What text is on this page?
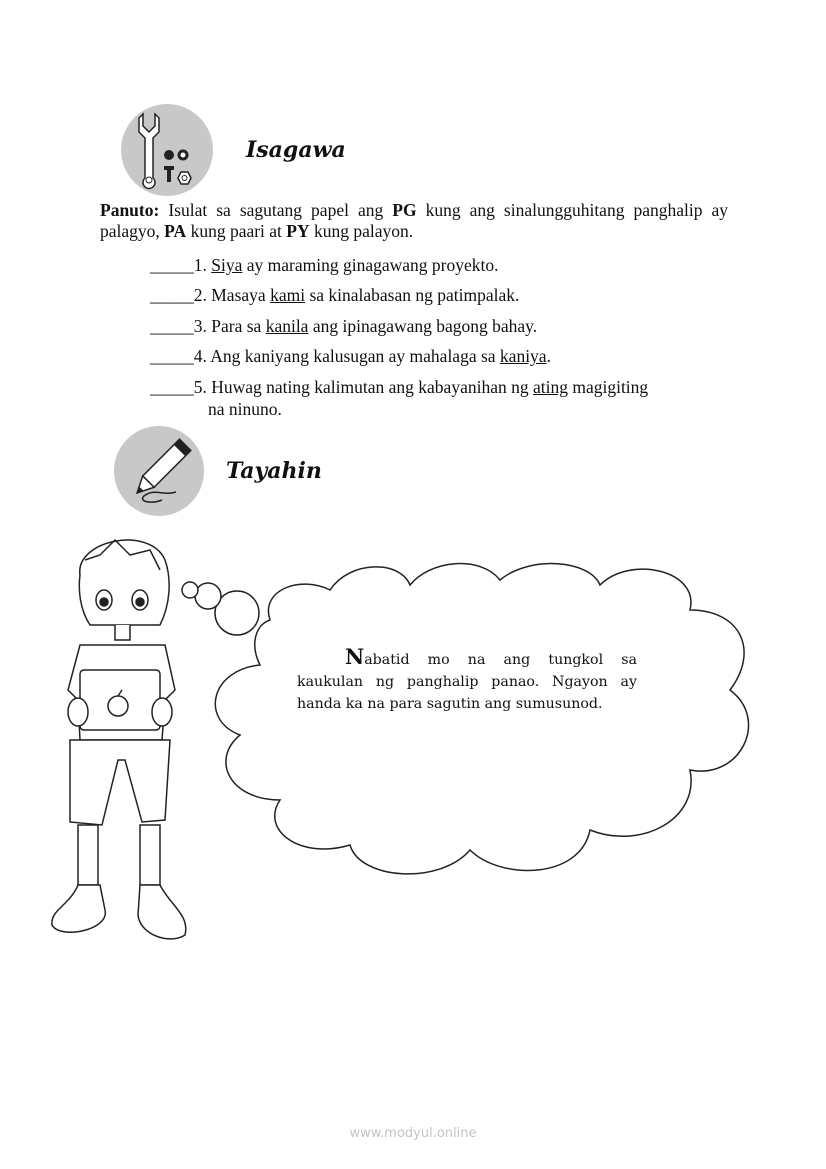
Isagawa
Panuto: Isulat sa sagutang papel ang PG kung ang sinalungguhitang panghalip ay palagyo, PA kung paari at PY kung palayon.
_____1. Siya ay maraming ginagawang proyekto.
_____2. Masaya kami sa kinalabasan ng patimpalak.
_____3. Para sa kanila ang ipinagawang bagong bahay.
_____4. Ang kaniyang kalusugan ay mahalaga sa kaniya.
_____5. Huwag nating kalimutan ang kabayanihan ng ating magigiting
na ninuno.
Tayahin
Nabatid mo na ang tungkol sa kaukulan ng panghalip panao. Ngayon ay handa ka na para sagutin ang sumusunod.
www.modyul.online
